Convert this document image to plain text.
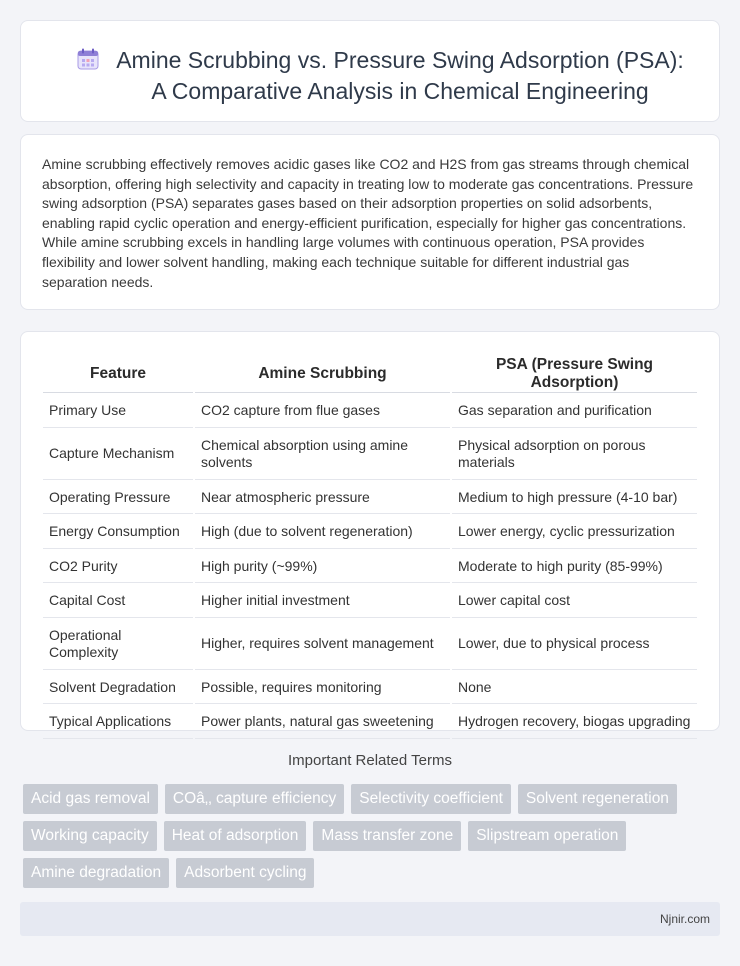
Amine Scrubbing vs. Pressure Swing Adsorption (PSA):
A Comparative Analysis in Chemical Engineering

Amine scrubbing effectively removes acidic gases like CO2 and H2S from gas streams through chemical absorption, offering high selectivity and capacity in treating low to moderate gas concentrations. Pressure swing adsorption (PSA) separates gases based on their adsorption properties on solid adsorbents, enabling rapid cyclic operation and energy-efficient purification, especially for higher gas concentrations. While amine scrubbing excels in handling large volumes with continuous operation, PSA provides flexibility and lower solvent handling, making each technique suitable for different industrial gas separation needs.

Feature	Amine Scrubbing	PSA (Pressure Swing Adsorption)
Primary Use	CO2 capture from flue gases	Gas separation and purification
Capture Mechanism	Chemical absorption using amine solvents	Physical adsorption on porous materials
Operating Pressure	Near atmospheric pressure	Medium to high pressure (4-10 bar)
Energy Consumption	High (due to solvent regeneration)	Lower energy, cyclic pressurization
CO2 Purity	High purity (~99%)	Moderate to high purity (85-99%)
Capital Cost	Higher initial investment	Lower capital cost
Operational Complexity	Higher, requires solvent management	Lower, due to physical process
Solvent Degradation	Possible, requires monitoring	None
Typical Applications	Power plants, natural gas sweetening	Hydrogen recovery, biogas upgrading
Important Related Terms
Acid gas removal	COâ‚‚ capture efficiency	Selectivity coefficient	Solvent regeneration
Working capacity	Heat of adsorption	Mass transfer zone	Slipstream operation
Amine degradation	Adsorbent cycling
Njnir.com
